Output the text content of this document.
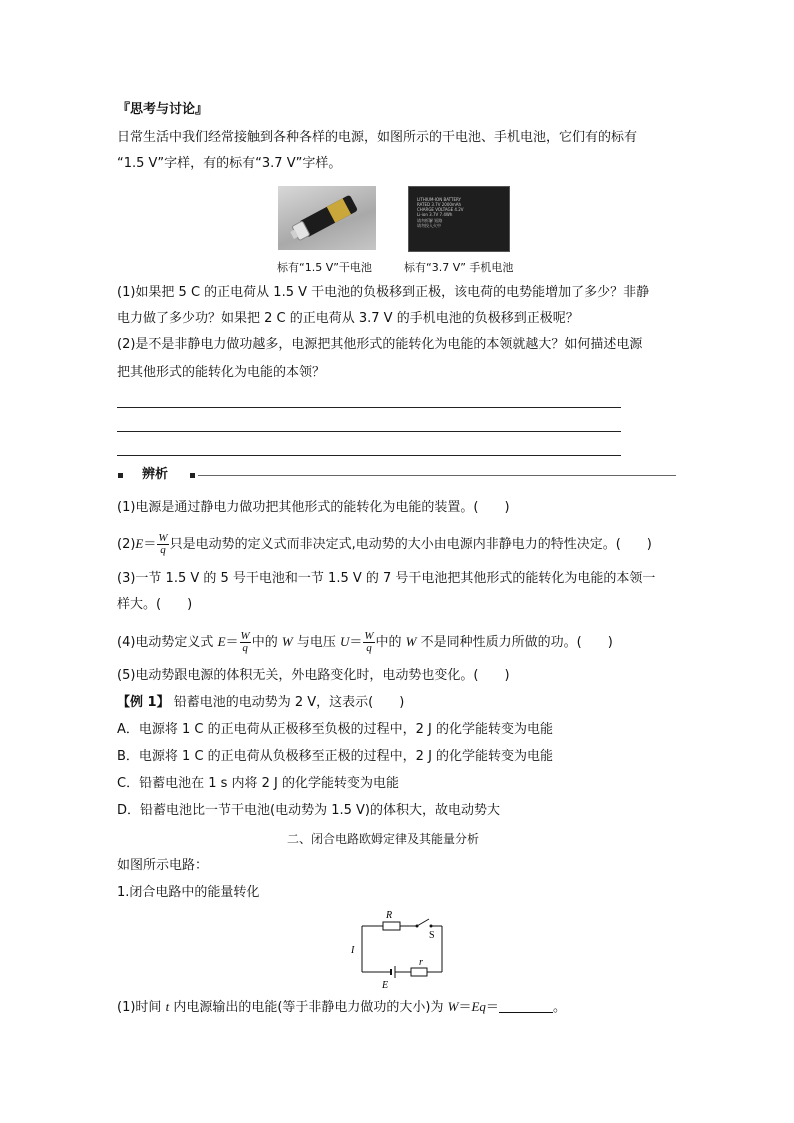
『思考与讨论』
日常生活中我们经常接触到各种各样的电源，如图所示的干电池、手机电池，它们有的标有
“1.5 V”字样，有的标有“3.7 V”字样。
LITHIUM-ION BATTERY
RATED 3.7V 2000mAh
CHARGE VOLTAGE 4.2V
Li-ion 3.7V 7.4Wh
请勿拆解 短路
请勿投入火中
标有“1.5 V”干电池	标有“3.7 V” 手机电池
(1)如果把 5 C 的正电荷从 1.5 V 干电池的负极移到正极，该电荷的电势能增加了多少？非静
电力做了多少功？如果把 2 C 的正电荷从 3.7 V 的手机电池的负极移到正极呢？
(2)是不是非静电力做功越多，电源把其他形式的能转化为电能的本领就越大？如何描述电源
把其他形式的能转化为电能的本领？
辨析
(1)电源是通过静电力做功把其他形式的能转化为电能的装置。(　　)
$(2)E= \frac{W}{q}$ 只是电动势的定义式而非决定式,电动势的大小由电源内非静电力的特性决定。(　　)
(3)一节 1.5 V 的 5 号干电池和一节 1.5 V 的 7 号干电池把其他形式的能转化为电能的本领一
样大。(　　)
(4)电动势定义式 $E= \frac{W}{q}$ 中的 W 与电压 $U= \frac{W}{q}$ 中的 W 不是同种性质力所做的功。(　　)
(5)电动势跟电源的体积无关，外电路变化时，电动势也变化。(　　)
【例 1】 铅蓄电池的电动势为 2 V，这表示(　　)
A．电源将 1 C 的正电荷从正极移至负极的过程中，2 J 的化学能转变为电能
B．电源将 1 C 的正电荷从负极移至正极的过程中，2 J 的化学能转变为电能
C．铅蓄电池在 1 s 内将 2 J 的化学能转变为电能
D．铅蓄电池比一节干电池(电动势为 1.5 V)的体积大，故电动势大
二、闭合电路欧姆定律及其能量分析
如图所示电路：
1.闭合电路中的能量转化
R
S
I
E
r
(1)时间 t 内电源输出的电能(等于非静电力做功的大小)为 W＝Eq＝	。
